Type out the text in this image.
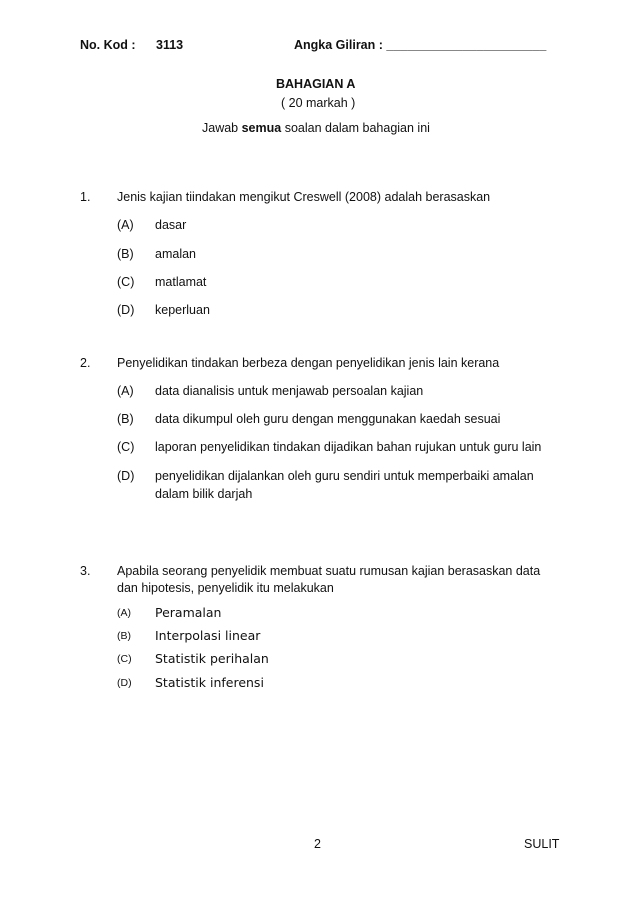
No. Kod : 3113	Angka Giliran : _______________________
BAHAGIAN A
( 20 markah )
Jawab semua soalan dalam bahagian ini
1. Jenis kajian tiindakan mengikut Creswell (2008) adalah berasaskan
(A) dasar
(B) amalan
(C) matlamat
(D) keperluan
2. Penyelidikan tindakan berbeza dengan penyelidikan jenis lain kerana
(A) data dianalisis untuk menjawab persoalan kajian
(B) data dikumpul oleh guru dengan menggunakan kaedah sesuai
(C) laporan penyelidikan tindakan dijadikan bahan rujukan untuk guru lain
(D) penyelidikan dijalankan oleh guru sendiri untuk memperbaiki amalan
dalam bilik darjah
3. Apabila seorang penyelidik membuat suatu rumusan kajian berasaskan data
dan hipotesis, penyelidik itu melakukan
(A) Peramalan
(B) Interpolasi linear
(C) Statistik perihalan
(D) Statistik inferensi
2	SULIT
